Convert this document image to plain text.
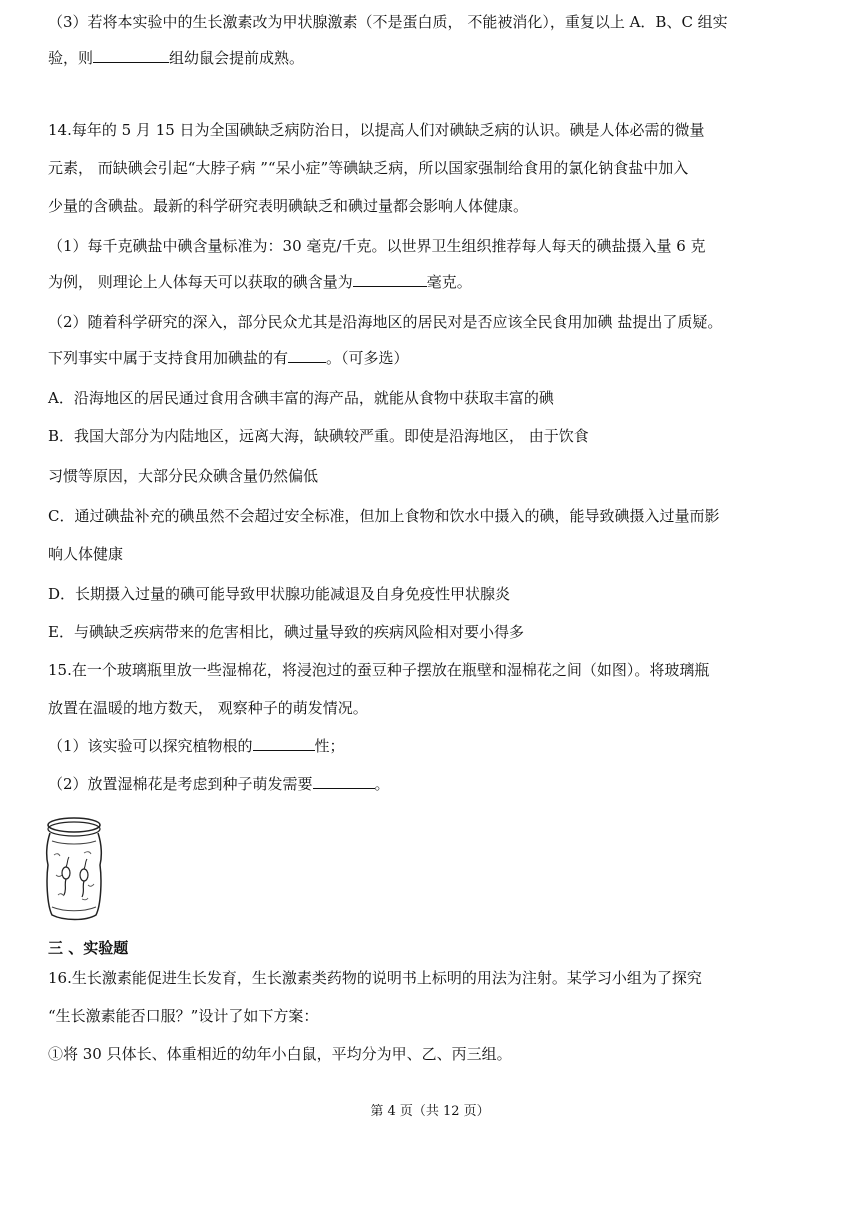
（3）若将本实验中的生长激素改为甲状腺激素（不是蛋白质， 不能被消化），重复以上 A．B、C 组实
验，则	组幼鼠会提前成熟。
14.每年的 5 月 15 日为全国碘缺乏病防治日，以提高人们对碘缺乏病的认识。碘是人体必需的微量
元素， 而缺碘会引起“大脖子病 ”“呆小症”等碘缺乏病，所以国家强制给食用的氯化钠食盐中加入
少量的含碘盐。最新的科学研究表明碘缺乏和碘过量都会影响人体健康。
（1）每千克碘盐中碘含量标准为：30 毫克/千克。以世界卫生组织推荐每人每天的碘盐摄入量 6 克
为例， 则理论上人体每天可以获取的碘含量为	毫克。
（2）随着科学研究的深入，部分民众尤其是沿海地区的居民对是否应该全民食用加碘 盐提出了质疑。
下列事实中属于支持食用加碘盐的有	。（可多选）
A．沿海地区的居民通过食用含碘丰富的海产品，就能从食物中获取丰富的碘
B．我国大部分为内陆地区，远离大海，缺碘较严重。即使是沿海地区， 由于饮食
习惯等原因，大部分民众碘含量仍然偏低
C．通过碘盐补充的碘虽然不会超过安全标准，但加上食物和饮水中摄入的碘，能导致碘摄入过量而影
响人体健康
D．长期摄入过量的碘可能导致甲状腺功能减退及自身免疫性甲状腺炎
E．与碘缺乏疾病带来的危害相比，碘过量导致的疾病风险相对要小得多
15.在一个玻璃瓶里放一些湿棉花，将浸泡过的蚕豆种子摆放在瓶壁和湿棉花之间（如图）。将玻璃瓶
放置在温暖的地方数天， 观察种子的萌发情况。
（1）该实验可以探究植物根的	性；
（2）放置湿棉花是考虑到种子萌发需要	。
三 、实验题
16.生长激素能促进生长发育，生长激素类药物的说明书上标明的用法为注射。某学习小组为了探究
“生长激素能否口服？”设计了如下方案：
①将 30 只体长、体重相近的幼年小白鼠，平均分为甲、乙、丙三组。
第 4 页（共 12 页）
